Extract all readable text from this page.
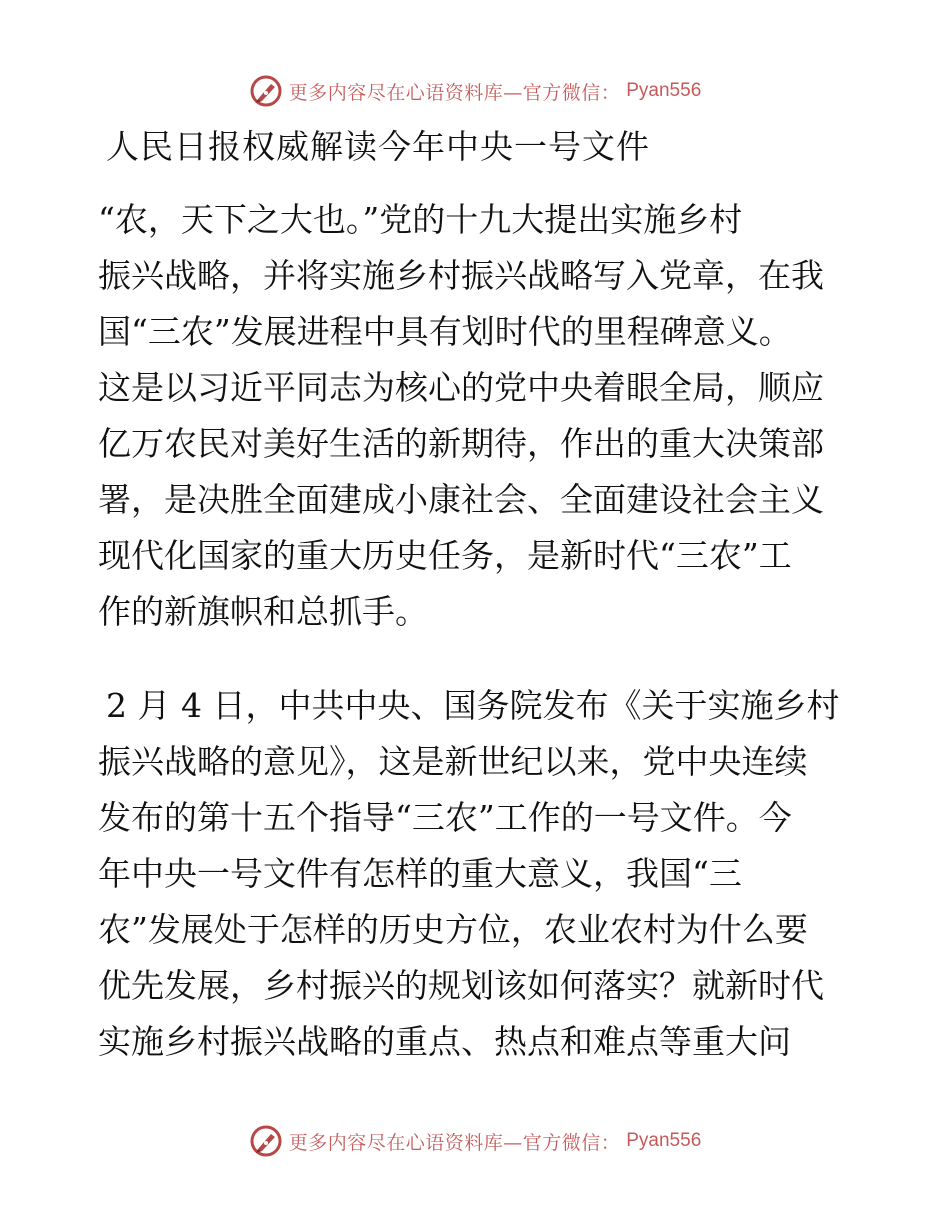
更多内容尽在心语资料库—官方微信： Pyan556
人民日报权威解读今年中央一号文件
“农，天下之大也。”党的十九大提出实施乡村
振兴战略，并将实施乡村振兴战略写入党章，在我
国“三农”发展进程中具有划时代的里程碑意义。
这是以习近平同志为核心的党中央着眼全局，顺应
亿万农民对美好生活的新期待，作出的重大决策部
署，是决胜全面建成小康社会、全面建设社会主义
现代化国家的重大历史任务，是新时代“三农”工
作的新旗帜和总抓手。
2 月 4 日，中共中央、国务院发布《关于实施乡村
振兴战略的意见》，这是新世纪以来，党中央连续
发布的第十五个指导“三农”工作的一号文件。今
年中央一号文件有怎样的重大意义，我国“三
农”发展处于怎样的历史方位，农业农村为什么要
优先发展，乡村振兴的规划该如何落实？就新时代
实施乡村振兴战略的重点、热点和难点等重大问
更多内容尽在心语资料库—官方微信： Pyan556
